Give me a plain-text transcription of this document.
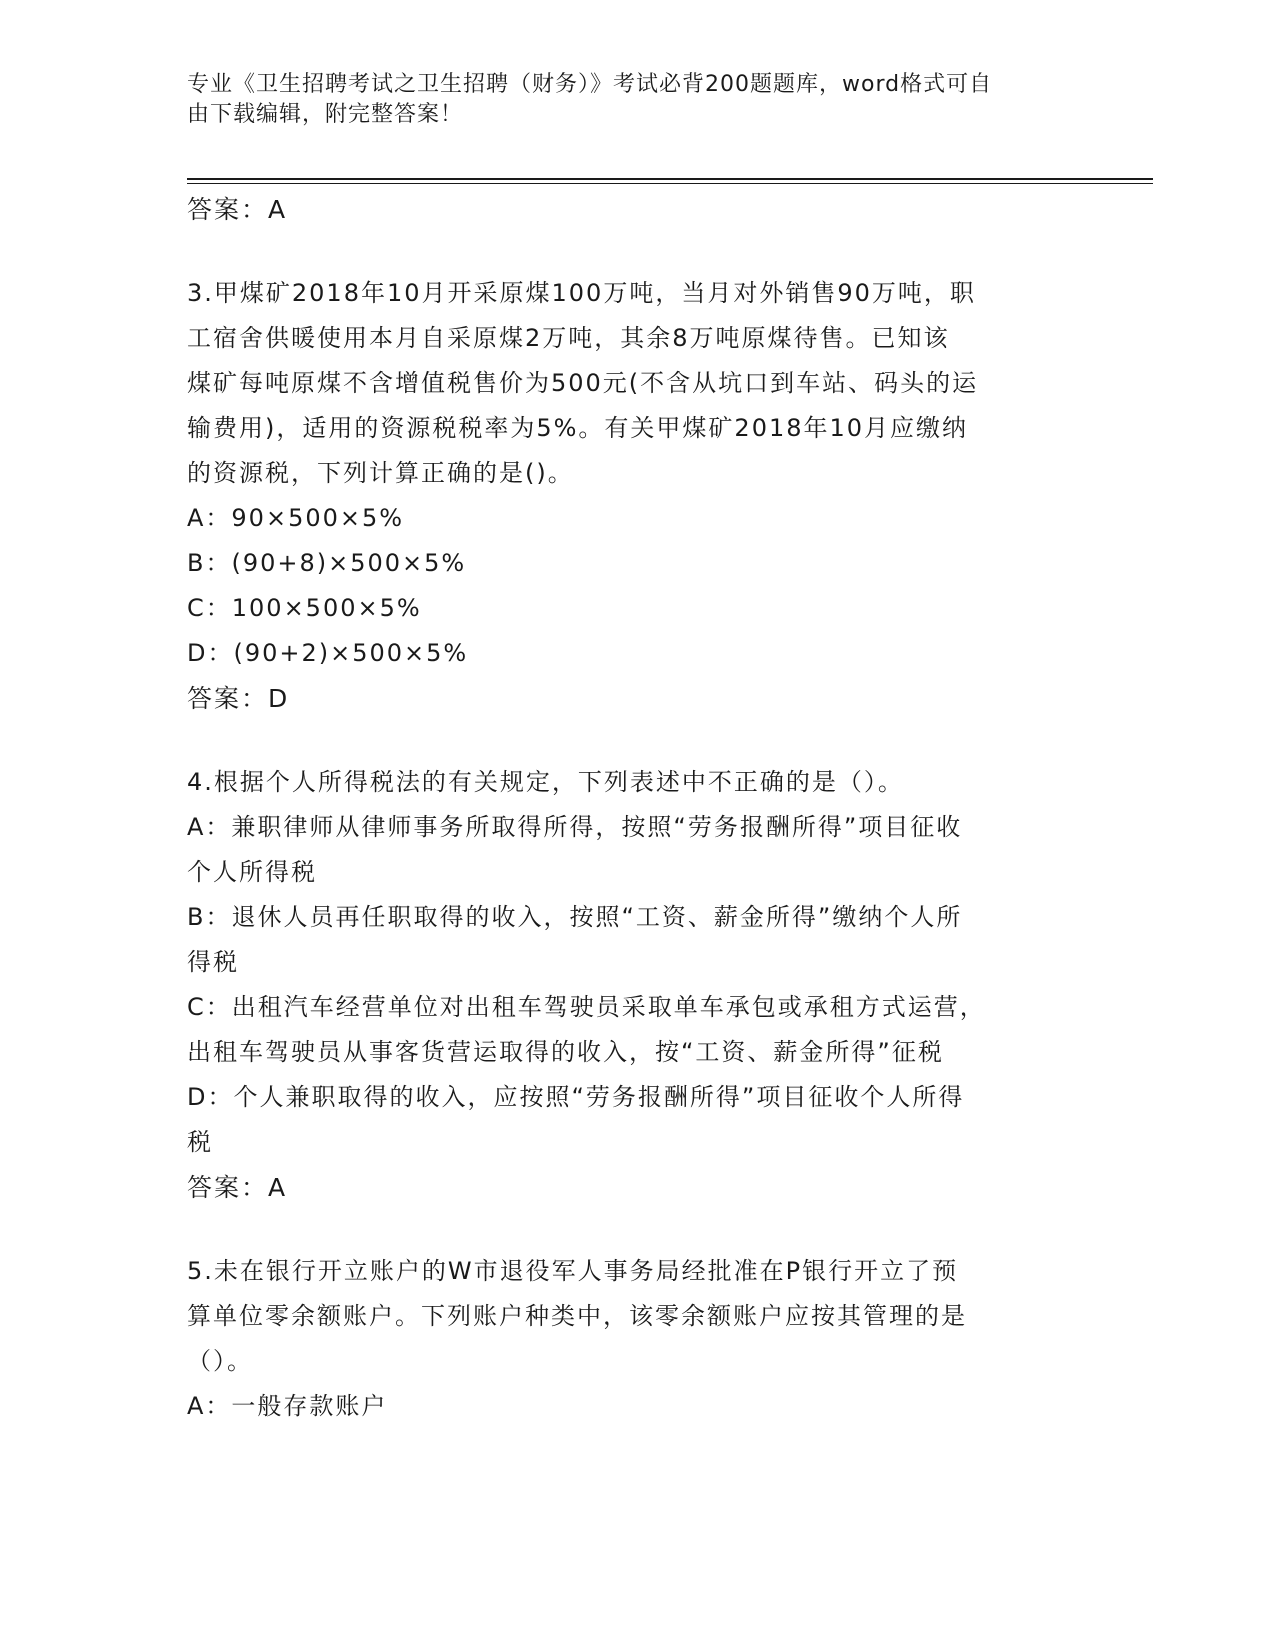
专业《卫生招聘考试之卫生招聘（财务）》考试必背200题题库，word格式可自
由下载编辑，附完整答案！
答案：A
3.甲煤矿2018年10月开采原煤100万吨，当月对外销售90万吨，职
工宿舍供暖使用本月自采原煤2万吨，其余8万吨原煤待售。已知该
煤矿每吨原煤不含增值税售价为500元(不含从坑口到车站、码头的运
输费用)，适用的资源税税率为5%。有关甲煤矿2018年10月应缴纳
的资源税，下列计算正确的是()。
A：90×500×5%
B：(90+8)×500×5%
C：100×500×5%
D：(90+2)×500×5%
答案：D
4.根据个人所得税法的有关规定，下列表述中不正确的是（）。
A：兼职律师从律师事务所取得所得，按照“劳务报酬所得”项目征收
个人所得税
B：退休人员再任职取得的收入，按照“工资、薪金所得”缴纳个人所
得税
C：出租汽车经营单位对出租车驾驶员采取单车承包或承租方式运营，
出租车驾驶员从事客货营运取得的收入，按“工资、薪金所得”征税
D：个人兼职取得的收入，应按照“劳务报酬所得”项目征收个人所得
税
答案：A
5.未在银行开立账户的W市退役军人事务局经批准在P银行开立了预
算单位零余额账户。下列账户种类中，该零余额账户应按其管理的是
（）。
A：一般存款账户
